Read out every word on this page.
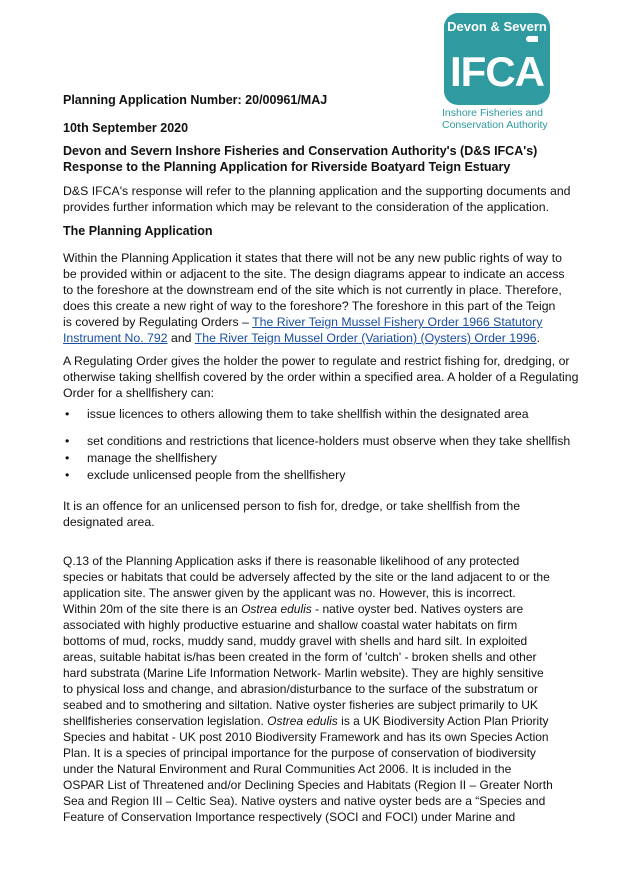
Devon & Severn
IFCA
Inshore Fisheries and Conservation Authority

Planning Application Number: 20/00961/MAJ

10th September 2020

Devon and Severn Inshore Fisheries and Conservation Authority's (D&S IFCA's)
Response to the Planning Application for Riverside Boatyard Teign Estuary
D&S IFCA's response will refer to the planning application and the supporting documents and
provides further information which may be relevant to the consideration of the application.

The Planning Application

Within the Planning Application it states that there will not be any new public rights of way to
be provided within or adjacent to the site. The design diagrams appear to indicate an access
to the foreshore at the downstream end of the site which is not currently in place. Therefore,
does this create a new right of way to the foreshore? The foreshore in this part of the Teign
is covered by Regulating Orders – The River Teign Mussel Fishery Order 1966 Statutory
Instrument No. 792 and The River Teign Mussel Order (Variation) (Oysters) Order 1996.
A Regulating Order gives the holder the power to regulate and restrict fishing for, dredging, or
otherwise taking shellfish covered by the order within a specified area. A holder of a Regulating
Order for a shellfishery can:
• issue licences to others allowing them to take shellfish within the designated area
• set conditions and restrictions that licence-holders must observe when they take shellfish
• manage the shellfishery
• exclude unlicensed people from the shellfishery
It is an offence for an unlicensed person to fish for, dredge, or take shellfish from the
designated area.
Q.13 of the Planning Application asks if there is reasonable likelihood of any protected
species or habitats that could be adversely affected by the site or the land adjacent to or the
application site. The answer given by the applicant was no. However, this is incorrect.
Within 20m of the site there is an Ostrea edulis - native oyster bed. Natives oysters are
associated with highly productive estuarine and shallow coastal water habitats on firm
bottoms of mud, rocks, muddy sand, muddy gravel with shells and hard silt. In exploited
areas, suitable habitat is/has been created in the form of 'cultch' - broken shells and other
hard substrata (Marine Life Information Network- Marlin website). They are highly sensitive
to physical loss and change, and abrasion/disturbance to the surface of the substratum or
seabed and to smothering and siltation. Native oyster fisheries are subject primarily to UK
shellfisheries conservation legislation. Ostrea edulis is a UK Biodiversity Action Plan Priority
Species and habitat - UK post 2010 Biodiversity Framework and has its own Species Action
Plan. It is a species of principal importance for the purpose of conservation of biodiversity
under the Natural Environment and Rural Communities Act 2006. It is included in the
OSPAR List of Threatened and/or Declining Species and Habitats (Region II – Greater North
Sea and Region III – Celtic Sea). Native oysters and native oyster beds are a “Species and
Feature of Conservation Importance respectively (SOCI and FOCI) under Marine and
